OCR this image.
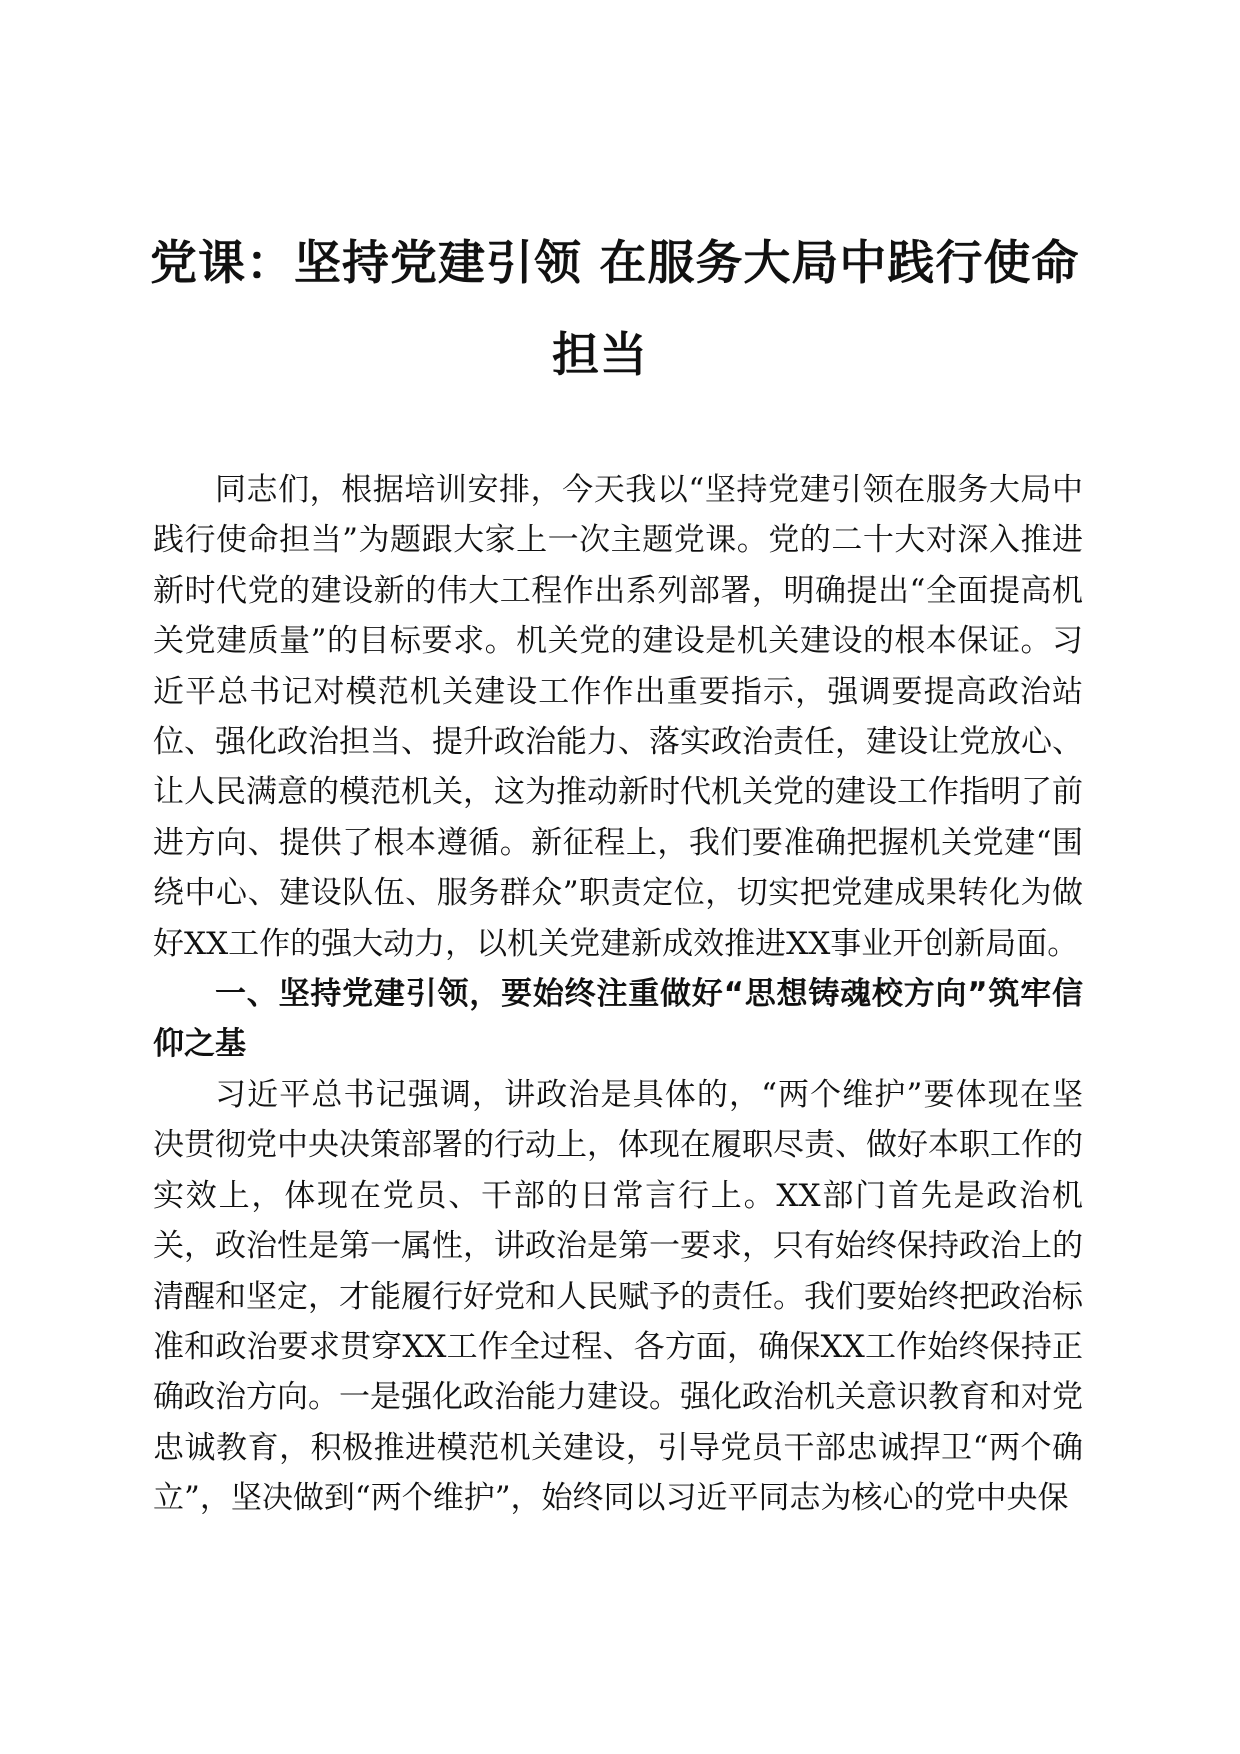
党课：坚持党建引领 在服务大局中践行使命
担当

同志们，根据培训安排，今天我以“坚持党建引领在服务大局中践行使命担当”为题跟大家上一次主题党课。党的二十大对深入推进新时代党的建设新的伟大工程作出系列部署，明确提出“全面提高机关党建质量”的目标要求。机关党的建设是机关建设的根本保证。习近平总书记对模范机关建设工作作出重要指示，强调要提高政治站位、强化政治担当、提升政治能力、落实政治责任，建设让党放心、让人民满意的模范机关，这为推动新时代机关党的建设工作指明了前进方向、提供了根本遵循。新征程上，我们要准确把握机关党建“围绕中心、建设队伍、服务群众”职责定位，切实把党建成果转化为做好XX工作的强大动力，以机关党建新成效推进XX事业开创新局面。

一、坚持党建引领，要始终注重做好“思想铸魂校方向”筑牢信仰之基

习近平总书记强调，讲政治是具体的，“两个维护”要体现在坚决贯彻党中央决策部署的行动上，体现在履职尽责、做好本职工作的实效上，体现在党员、干部的日常言行上。XX部门首先是政治机关，政治性是第一属性，讲政治是第一要求，只有始终保持政治上的清醒和坚定，才能履行好党和人民赋予的责任。我们要始终把政治标准和政治要求贯穿XX工作全过程、各方面，确保XX工作始终保持正确政治方向。一是强化政治能力建设。强化政治机关意识教育和对党忠诚教育，积极推进模范机关建设，引导党员干部忠诚捍卫“两个确立”，坚决做到“两个维护”，始终同以习近平同志为核心的党中央保
